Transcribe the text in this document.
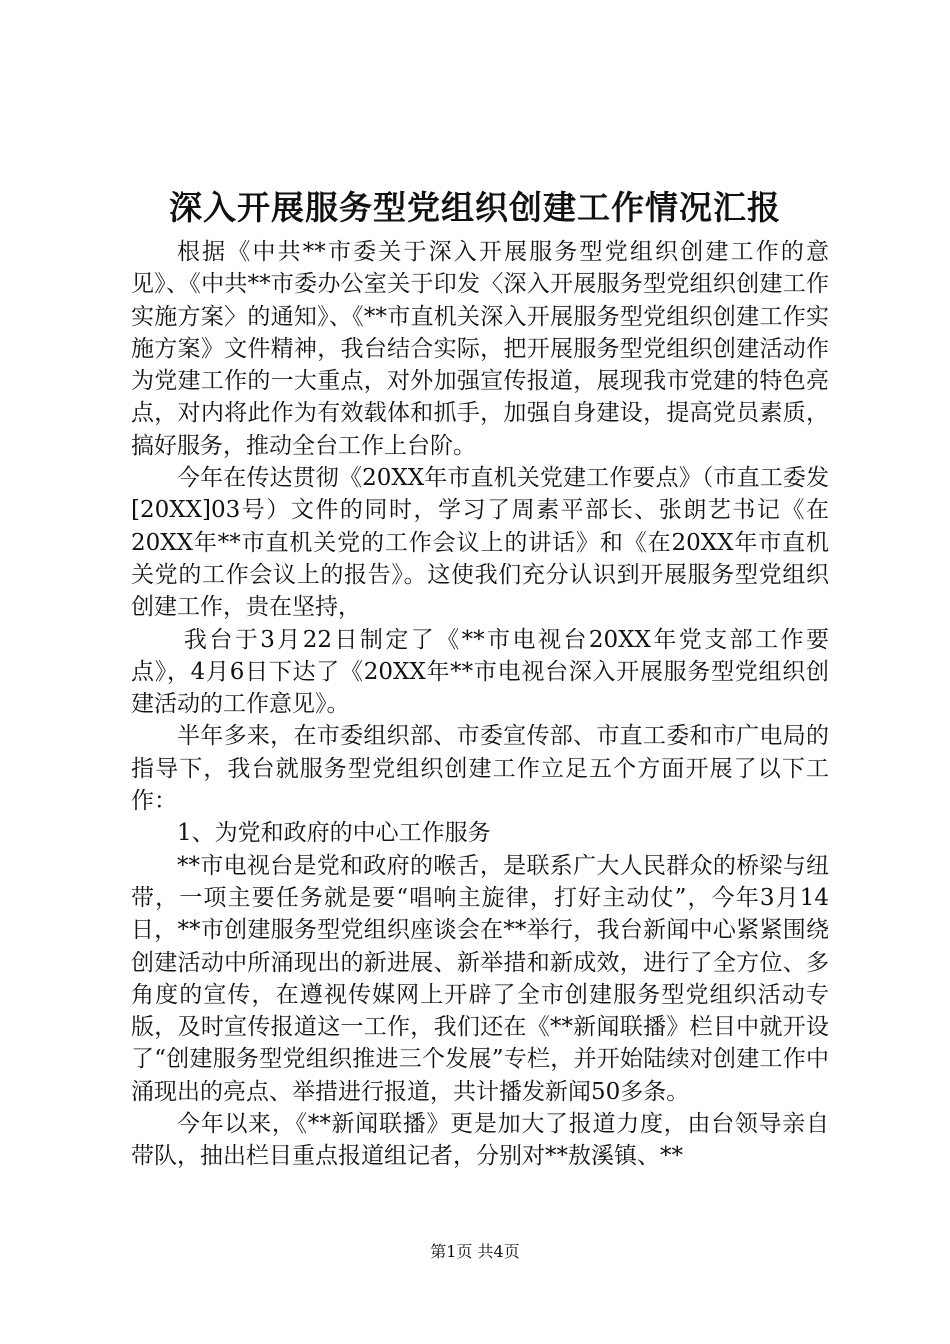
深入开展服务型党组织创建工作情况汇报

根据《中共**市委关于深入开展服务型党组织创建工作的意见》、《中共**市委办公室关于印发〈深入开展服务型党组织创建工作实施方案〉的通知》、《**市直机关深入开展服务型党组织创建工作实施方案》文件精神，我台结合实际，把开展服务型党组织创建活动作为党建工作的一大重点，对外加强宣传报道，展现我市党建的特色亮点，对内将此作为有效载体和抓手，加强自身建设，提高党员素质，搞好服务，推动全台工作上台阶。

今年在传达贯彻《20XX年市直机关党建工作要点》（市直工委发[20XX]03号）文件的同时，学习了周素平部长、张朗艺书记《在20XX年**市直机关党的工作会议上的讲话》和《在20XX年市直机关党的工作会议上的报告》。这使我们充分认识到开展服务型党组织创建工作，贵在坚持，

我台于3月22日制定了《**市电视台20XX年党支部工作要点》，4月6日下达了《20XX年**市电视台深入开展服务型党组织创建活动的工作意见》。

半年多来，在市委组织部、市委宣传部、市直工委和市广电局的指导下，我台就服务型党组织创建工作立足五个方面开展了以下工作：

1、为党和政府的中心工作服务

**市电视台是党和政府的喉舌，是联系广大人民群众的桥梁与纽带，一项主要任务就是要“唱响主旋律，打好主动仗”，今年3月14日，**市创建服务型党组织座谈会在**举行，我台新闻中心紧紧围绕创建活动中所涌现出的新进展、新举措和新成效，进行了全方位、多角度的宣传，在遵视传媒网上开辟了全市创建服务型党组织活动专版，及时宣传报道这一工作，我们还在《**新闻联播》栏目中就开设了“创建服务型党组织推进三个发展”专栏，并开始陆续对创建工作中涌现出的亮点、举措进行报道，共计播发新闻50多条。

今年以来，《**新闻联播》更是加大了报道力度，由台领导亲自带队，抽出栏目重点报道组记者，分别对**敖溪镇、**

第1页 共4页
